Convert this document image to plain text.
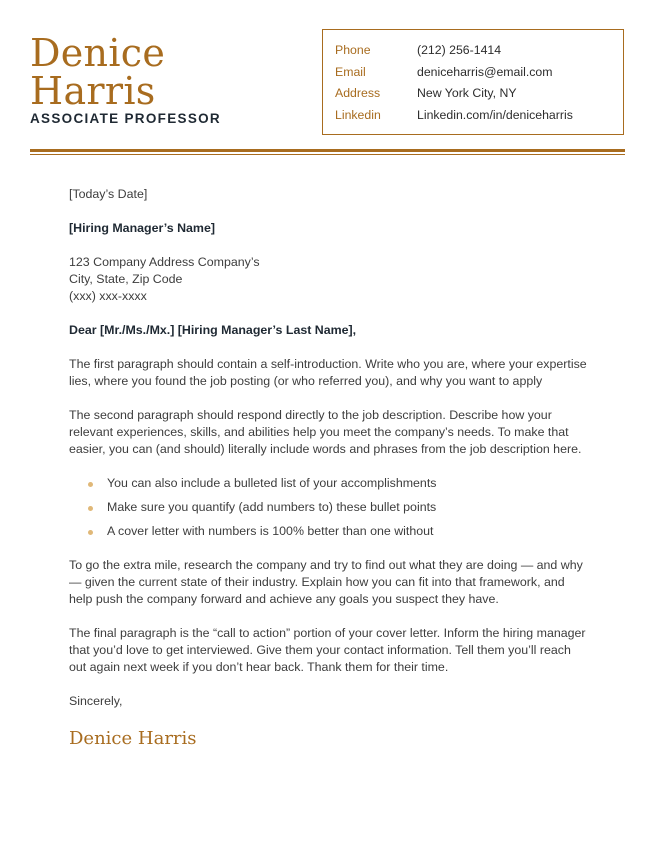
Denice
Harris
ASSOCIATE PROFESSOR
Phone	(212) 256-1414
Email	deniceharris@email.com
Address	New York City, NY
Linkedin	Linkedin.com/in/deniceharris

[Today’s Date]

[Hiring Manager’s Name]

123 Company Address Company’s
City, State, Zip Code
(xxx) xxx-xxxx

Dear [Mr./Ms./Mx.] [Hiring Manager’s Last Name],

The first paragraph should contain a self-introduction. Write who you are, where your expertise lies, where you found the job posting (or who referred you), and why you want to apply

The second paragraph should respond directly to the job description. Describe how your relevant experiences, skills, and abilities help you meet the company’s needs. To make that easier, you can (and should) literally include words and phrases from the job description here.

You can also include a bulleted list of your accomplishments
Make sure you quantify (add numbers to) these bullet points
A cover letter with numbers is 100% better than one without

To go the extra mile, research the company and try to find out what they are doing — and why — given the current state of their industry. Explain how you can fit into that framework, and help push the company forward and achieve any goals you suspect they have.

The final paragraph is the “call to action” portion of your cover letter. Inform the hiring manager that you’d love to get interviewed. Give them your contact information. Tell them you’ll reach out again next week if you don’t hear back. Thank them for their time.

Sincerely,

Denice Harris
